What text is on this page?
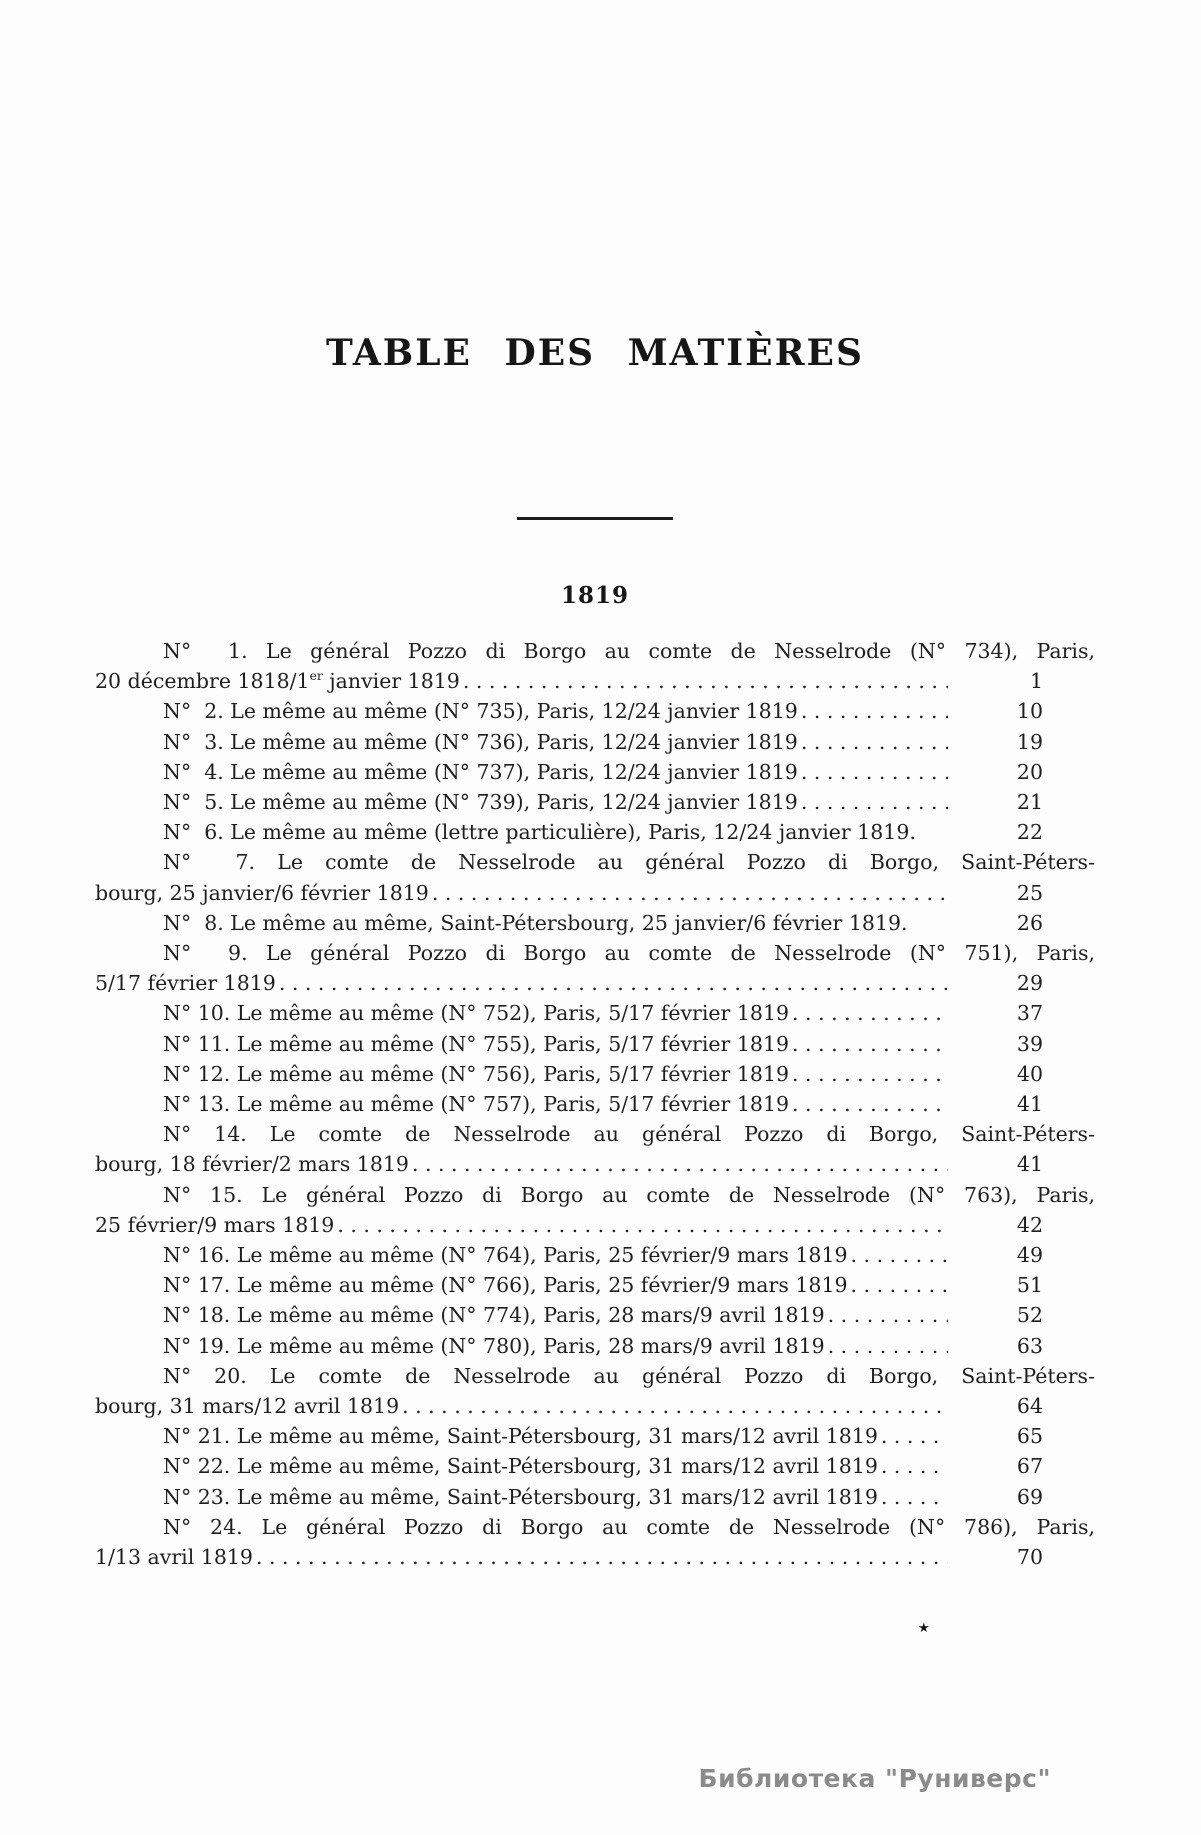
TABLE DES MATIÈRES
1819
N°  1. Le général Pozzo di Borgo au comte de Nesselrode (N° 734), Paris,
20 décembre 1818/1er janvier 1819 .....	1
N°  2. Le même au même (N° 735), Paris, 12/24 janvier 1819 .....	10
N°  3. Le même au même (N° 736), Paris, 12/24 janvier 1819 .....	19
N°  4. Le même au même (N° 737), Paris, 12/24 janvier 1819 .....	20
N°  5. Le même au même (N° 739), Paris, 12/24 janvier 1819 .....	21
N°  6. Le même au même (lettre particulière), Paris, 12/24 janvier 1819.	22
N°  7. Le comte de Nesselrode au général Pozzo di Borgo, Saint-Péters-
bourg, 25 janvier/6 février 1819 .....	25
N°  8. Le même au même, Saint-Pétersbourg, 25 janvier/6 février 1819.	26
N°  9. Le général Pozzo di Borgo au comte de Nesselrode (N° 751), Paris,
5/17 février 1819 .....	29
N° 10. Le même au même (N° 752), Paris, 5/17 février 1819 .....	37
N° 11. Le même au même (N° 755), Paris, 5/17 février 1819 .....	39
N° 12. Le même au même (N° 756), Paris, 5/17 février 1819 .....	40
N° 13. Le même au même (N° 757), Paris, 5/17 février 1819 .....	41
N° 14. Le comte de Nesselrode au général Pozzo di Borgo, Saint-Péters-
bourg, 18 février/2 mars 1819 .....	41
N° 15. Le général Pozzo di Borgo au comte de Nesselrode (N° 763), Paris,
25 février/9 mars 1819 .....	42
N° 16. Le même au même (N° 764), Paris, 25 février/9 mars 1819 .....	49
N° 17. Le même au même (N° 766), Paris, 25 février/9 mars 1819 .....	51
N° 18. Le même au même (N° 774), Paris, 28 mars/9 avril 1819 .....	52
N° 19. Le même au même (N° 780), Paris, 28 mars/9 avril 1819 .....	63
N° 20. Le comte de Nesselrode au général Pozzo di Borgo, Saint-Péters-
bourg, 31 mars/12 avril 1819 .....	64
N° 21. Le même au même, Saint-Pétersbourg, 31 mars/12 avril 1819 .....	65
N° 22. Le même au même, Saint-Pétersbourg, 31 mars/12 avril 1819 .....	67
N° 23. Le même au même, Saint-Pétersbourg, 31 mars/12 avril 1819 .....	69
N° 24. Le général Pozzo di Borgo au comte de Nesselrode (N° 786), Paris,
1/13 avril 1819 .....	70
★
Библиотека "Руниверс"
